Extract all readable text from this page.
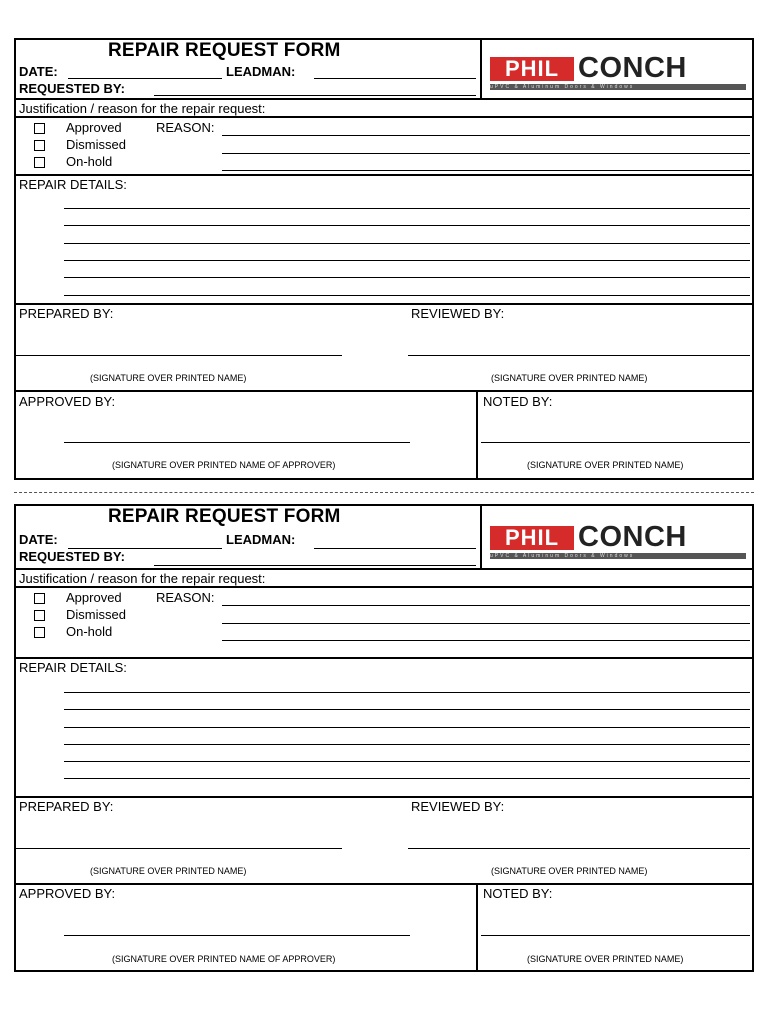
REPAIR REQUEST FORM
PHIL CONCH
uPVC & Aluminum Doors & Windows
DATE:	LEADMAN:
REQUESTED BY:
Justification / reason for the repair request:
Approved
Dismissed
On-hold
REASON:
REPAIR DETAILS:
PREPARED BY:	REVIEWED BY:
(SIGNATURE OVER PRINTED NAME)	(SIGNATURE OVER PRINTED NAME)
APPROVED BY:	NOTED BY:
(SIGNATURE OVER PRINTED NAME OF APPROVER)	(SIGNATURE OVER PRINTED NAME)
REPAIR REQUEST FORM
PHIL CONCH
uPVC & Aluminum Doors & Windows
DATE:	LEADMAN:
REQUESTED BY:
Justification / reason for the repair request:
Approved
Dismissed
On-hold
REASON:
REPAIR DETAILS:
PREPARED BY:	REVIEWED BY:
(SIGNATURE OVER PRINTED NAME)	(SIGNATURE OVER PRINTED NAME)
APPROVED BY:	NOTED BY:
(SIGNATURE OVER PRINTED NAME OF APPROVER)	(SIGNATURE OVER PRINTED NAME)
